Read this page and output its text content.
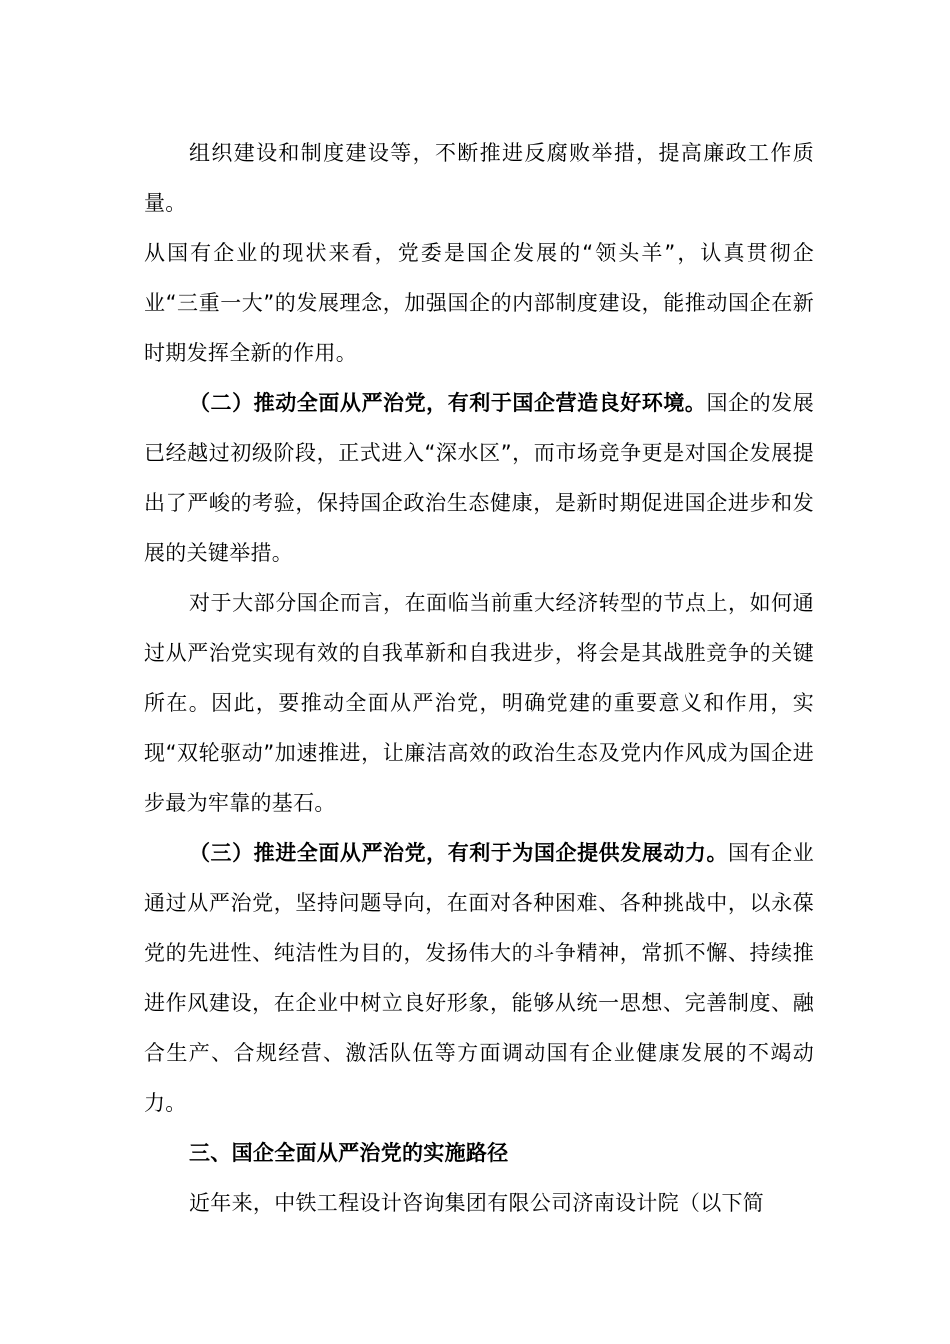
组织建设和制度建设等，不断推进反腐败举措，提高廉政工作质量。

从国有企业的现状来看，党委是国企发展的“领头羊”，认真贯彻企业“三重一大”的发展理念，加强国企的内部制度建设，能推动国企在新时期发挥全新的作用。

（二）推动全面从严治党，有利于国企营造良好环境。国企的发展已经越过初级阶段，正式进入“深水区”，而市场竞争更是对国企发展提出了严峻的考验，保持国企政治生态健康，是新时期促进国企进步和发展的关键举措。

对于大部分国企而言，在面临当前重大经济转型的节点上，如何通过从严治党实现有效的自我革新和自我进步，将会是其战胜竞争的关键所在。因此，要推动全面从严治党，明确党建的重要意义和作用，实现“双轮驱动”加速推进，让廉洁高效的政治生态及党内作风成为国企进步最为牢靠的基石。

（三）推进全面从严治党，有利于为国企提供发展动力。国有企业通过从严治党，坚持问题导向，在面对各种困难、各种挑战中，以永葆党的先进性、纯洁性为目的，发扬伟大的斗争精神，常抓不懈、持续推进作风建设，在企业中树立良好形象，能够从统一思想、完善制度、融合生产、合规经营、激活队伍等方面调动国有企业健康发展的不竭动力。

三、国企全面从严治党的实施路径

近年来，中铁工程设计咨询集团有限公司济南设计院（以下简
